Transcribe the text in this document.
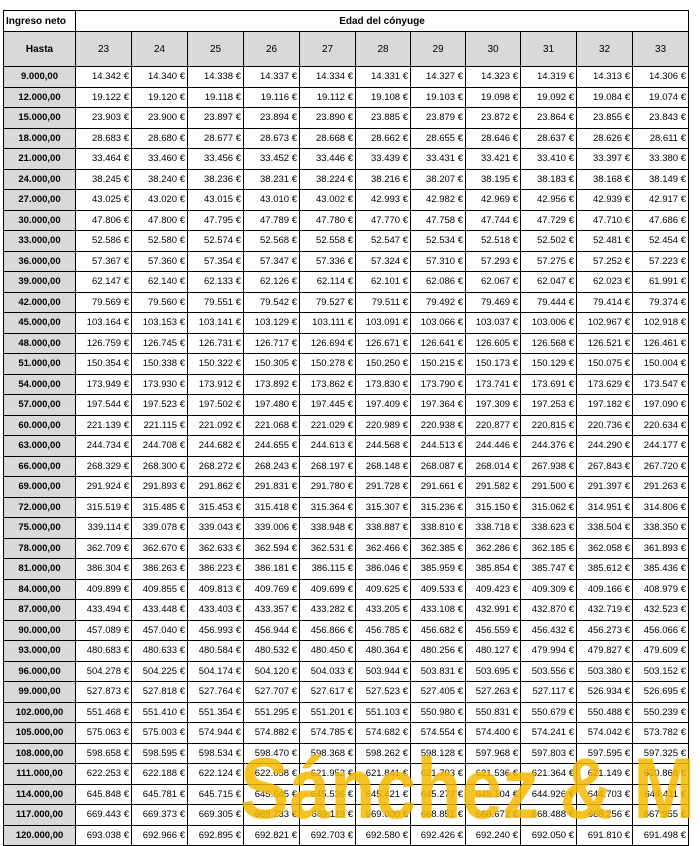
Ingreso neto	Edad del cónyuge										
Hasta	23	24	25	26	27	28	29	30	31	32	33
9.000,00	14.342 €	14.340 €	14.338 €	14.337 €	14.334 €	14.331 €	14.327 €	14.323 €	14.319 €	14.313 €	14.306 €
12.000,00	19.122 €	19.120 €	19.118 €	19.116 €	19.112 €	19.108 €	19.103 €	19.098 €	19.092 €	19.084 €	19.074 €
15.000,00	23.903 €	23.900 €	23.897 €	23.894 €	23.890 €	23.885 €	23.879 €	23.872 €	23.864 €	23.855 €	23.843 €
18.000,00	28.683 €	28.680 €	28.677 €	28.673 €	28.668 €	28.662 €	28.655 €	28.646 €	28.637 €	28.626 €	28.611 €
21.000,00	33.464 €	33.460 €	33.456 €	33.452 €	33.446 €	33.439 €	33.431 €	33.421 €	33.410 €	33.397 €	33.380 €
24.000,00	38.245 €	38.240 €	38.236 €	38.231 €	38.224 €	38.216 €	38.207 €	38.195 €	38.183 €	38.168 €	38.149 €
27.000,00	43.025 €	43.020 €	43.015 €	43.010 €	43.002 €	42.993 €	42.982 €	42.969 €	42.956 €	42.939 €	42.917 €
30.000,00	47.806 €	47.800 €	47.795 €	47.789 €	47.780 €	47.770 €	47.758 €	47.744 €	47.729 €	47.710 €	47.686 €
33.000,00	52.586 €	52.580 €	52.574 €	52.568 €	52.558 €	52.547 €	52.534 €	52.518 €	52.502 €	52.481 €	52.454 €
36.000,00	57.367 €	57.360 €	57.354 €	57.347 €	57.336 €	57.324 €	57.310 €	57.293 €	57.275 €	57.252 €	57.223 €
39.000,00	62.147 €	62.140 €	62.133 €	62.126 €	62.114 €	62.101 €	62.086 €	62.067 €	62.047 €	62.023 €	61.991 €
42.000,00	79.569 €	79.560 €	79.551 €	79.542 €	79.527 €	79.511 €	79.492 €	79.469 €	79.444 €	79.414 €	79.374 €
45.000,00	103.164 €	103.153 €	103.141 €	103.129 €	103.111 €	103.091 €	103.066 €	103.037 €	103.006 €	102.967 €	102.918 €
48.000,00	126.759 €	126.745 €	126.731 €	126.717 €	126.694 €	126.671 €	126.641 €	126.605 €	126.568 €	126.521 €	126.461 €
51.000,00	150.354 €	150.338 €	150.322 €	150.305 €	150.278 €	150.250 €	150.215 €	150.173 €	150.129 €	150.075 €	150.004 €
54.000,00	173.949 €	173.930 €	173.912 €	173.892 €	173.862 €	173.830 €	173.790 €	173.741 €	173.691 €	173.629 €	173.547 €
57.000,00	197.544 €	197.523 €	197.502 €	197.480 €	197.445 €	197.409 €	197.364 €	197.309 €	197.253 €	197.182 €	197.090 €
60.000,00	221.139 €	221.115 €	221.092 €	221.068 €	221.029 €	220.989 €	220.938 €	220.877 €	220.815 €	220.736 €	220.634 €
63.000,00	244.734 €	244.708 €	244.682 €	244.655 €	244.613 €	244.568 €	244.513 €	244.446 €	244.376 €	244.290 €	244.177 €
66.000,00	268.329 €	268.300 €	268.272 €	268.243 €	268.197 €	268.148 €	268.087 €	268.014 €	267.938 €	267.843 €	267.720 €
69.000,00	291.924 €	291.893 €	291.862 €	291.831 €	291.780 €	291.728 €	291.661 €	291.582 €	291.500 €	291.397 €	291.263 €
72.000,00	315.519 €	315.485 €	315.453 €	315.418 €	315.364 €	315.307 €	315.236 €	315.150 €	315.062 €	314.951 €	314.806 €
75.000,00	339.114 €	339.078 €	339.043 €	339.006 €	338.948 €	338.887 €	338.810 €	338.718 €	338.623 €	338.504 €	338.350 €
78.000,00	362.709 €	362.670 €	362.633 €	362.594 €	362.531 €	362.466 €	362.385 €	362.286 €	362.185 €	362.058 €	361.893 €
81.000,00	386.304 €	386.263 €	386.223 €	386.181 €	386.115 €	386.046 €	385.959 €	385.854 €	385.747 €	385.612 €	385.436 €
84.000,00	409.899 €	409.855 €	409.813 €	409.769 €	409.699 €	409.625 €	409.533 €	409.423 €	409.309 €	409.166 €	408.979 €
87.000,00	433.494 €	433.448 €	433.403 €	433.357 €	433.282 €	433.205 €	433.108 €	432.991 €	432.870 €	432.719 €	432.523 €
90.000,00	457.089 €	457.040 €	456.993 €	456.944 €	456.866 €	456.785 €	456.682 €	456.559 €	456.432 €	456.273 €	456.066 €
93.000,00	480.683 €	480.633 €	480.584 €	480.532 €	480.450 €	480.364 €	480.256 €	480.127 €	479.994 €	479.827 €	479.609 €
96.000,00	504.278 €	504.225 €	504.174 €	504.120 €	504.033 €	503.944 €	503.831 €	503.695 €	503.556 €	503.380 €	503.152 €
99.000,00	527.873 €	527.818 €	527.764 €	527.707 €	527.617 €	527.523 €	527.405 €	527.263 €	527.117 €	526.934 €	526.695 €
102.000,00	551.468 €	551.410 €	551.354 €	551.295 €	551.201 €	551.103 €	550.980 €	550.831 €	550.679 €	550.488 €	550.239 €
105.000,00	575.063 €	575.003 €	574.944 €	574.882 €	574.785 €	574.682 €	574.554 €	574.400 €	574.241 €	574.042 €	573.782 €
108.000,00	598.658 €	598.595 €	598.534 €	598.470 €	598.368 €	598.262 €	598.128 €	597.968 €	597.803 €	597.595 €	597.325 €
111.000,00	622.253 €	622.188 €	622.124 €	622.058 €	621.952 €	621.841 €	621.703 €	621.536 €	621.364 €	621.149 €	620.868 €
114.000,00	645.848 €	645.781 €	645.715 €	645.645 €	645.536 €	645.421 €	645.277 €	645.104 €	644.926 €	644.703 €	644.411 €
117.000,00	669.443 €	669.373 €	669.305 €	669.233 €	669.119 €	669.000 €	668.851 €	668.672 €	668.488 €	668.256 €	667.955 €
120.000,00	693.038 €	692.966 €	692.895 €	692.821 €	692.703 €	692.580 €	692.426 €	692.240 €	692.050 €	691.810 €	691.498 €
Sánchez & M
